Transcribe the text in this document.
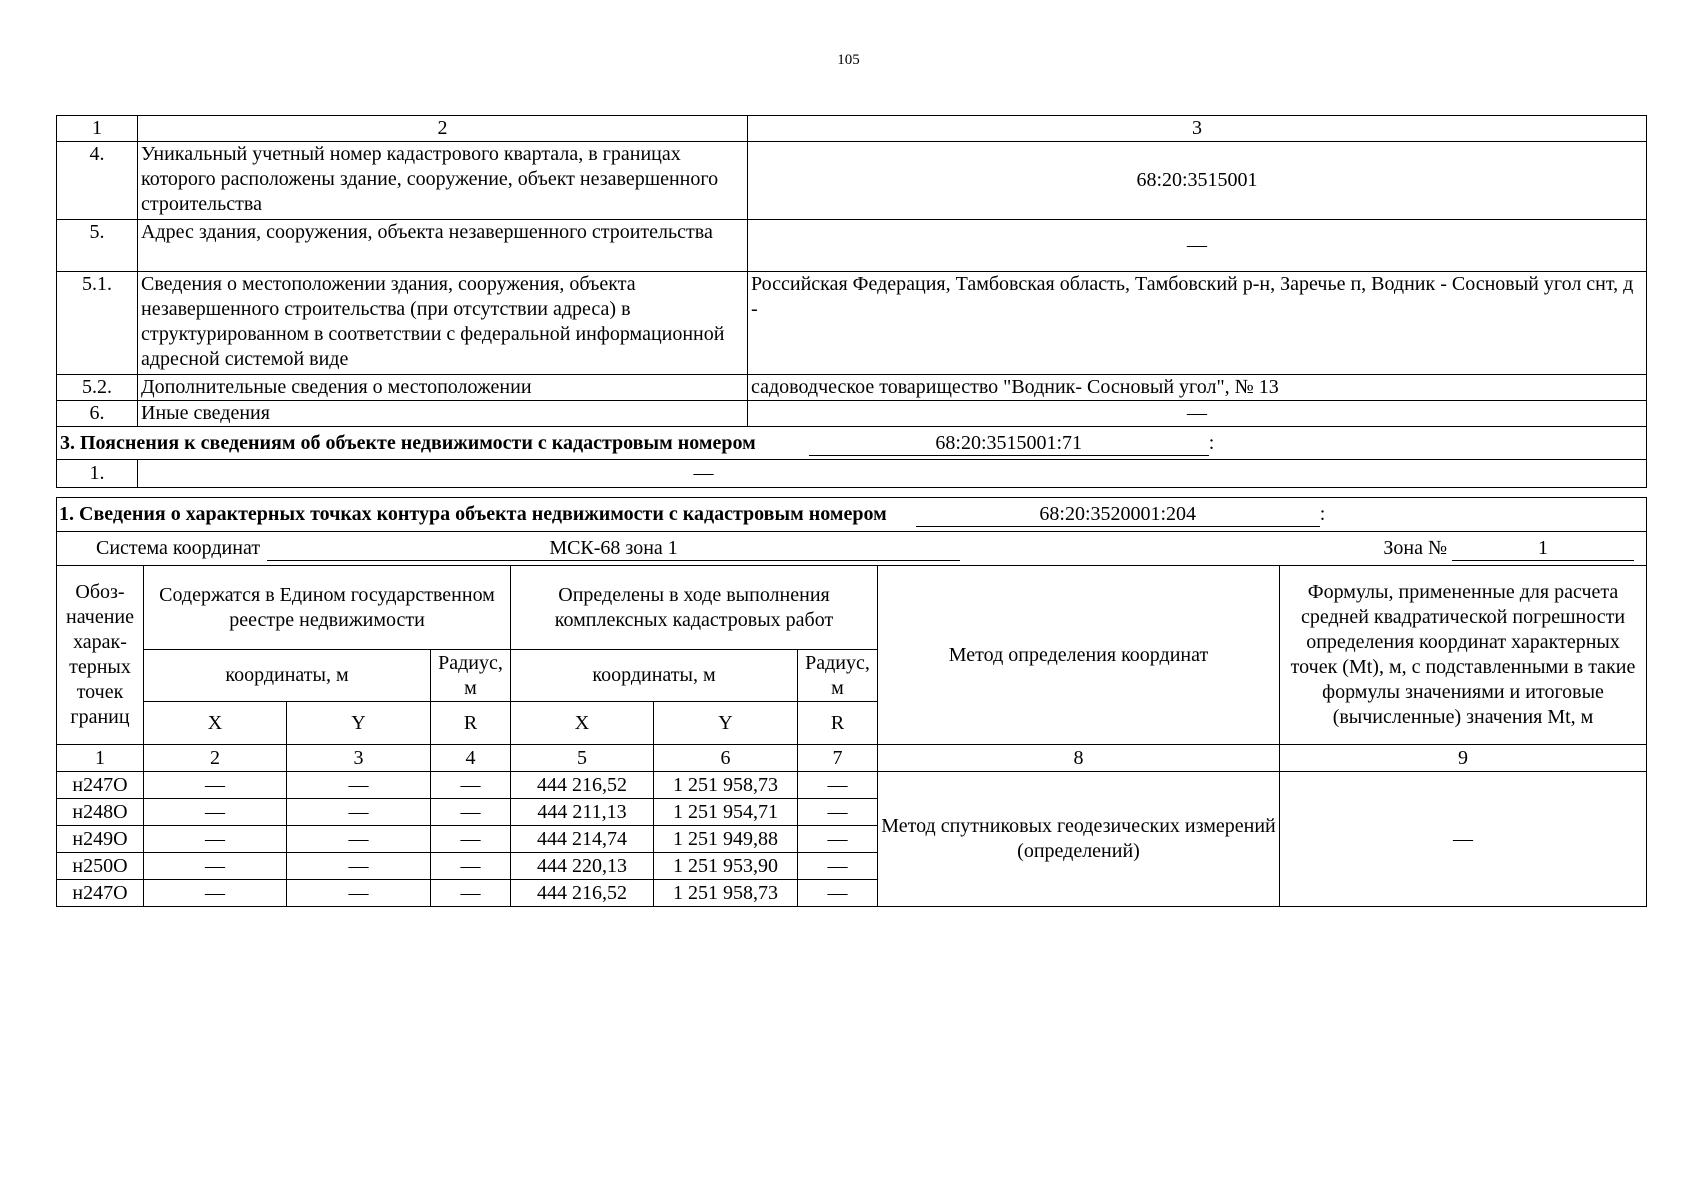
105
1	2	3
4.	Уникальный учетный номер кадастрового квартала, в границах которого расположены здание, сооружение, объект незавершенного строительства	68:20:3515001
5.	Адрес здания, сооружения, объекта незавершенного строительства	—
5.1.	Сведения о местоположении здания, сооружения, объекта незавершенного строительства (при отсутствии адреса) в структурированном в соответствии с федеральной информационной адресной системой виде	Российская Федерация, Тамбовская область, Тамбовский р-н, Заречье п, Водник - Сосновый угол снт, д -
5.2.	Дополнительные сведения о местоположении	садоводческое товарищество "Водник- Сосновый угол", № 13
6.	Иные сведения	—
3. Пояснения к сведениям об объекте недвижимости с кадастровым номером 68:20:3515001:71 :		
1.	—	
1. Сведения о характерных точках контура объекта недвижимости с кадастровым номером 68:20:3520001:204 :								
Система координат МСК-68 зона 1 Зона № 1								

Обоз-начение харак-терных точек границ	Содержатся в Едином государственном реестре недвижимости			Определены в ходе выполнения комплексных кадастровых работ			Метод определения координат	Формулы, примененные для расчета средней квадратической погрешности определения координат характерных точек (Mt), м, с подставленными в такие формулы значениями и итоговые (вычисленные) значения Mt, м
	координаты, м		Радиус, м	координаты, м		Радиус, м		
	X	Y	R	X	Y	R		
1	2	3	4	5	6	7	8	9
н247О	—	—	—	444 216,52	1 251 958,73	—	Метод спутниковых геодезических измерений (определений)	—
н248О	—	—	—	444 211,13	1 251 954,71	—		
н249О	—	—	—	444 214,74	1 251 949,88	—		
н250О	—	—	—	444 220,13	1 251 953,90	—		
н247О	—	—	—	444 216,52	1 251 958,73	—		
